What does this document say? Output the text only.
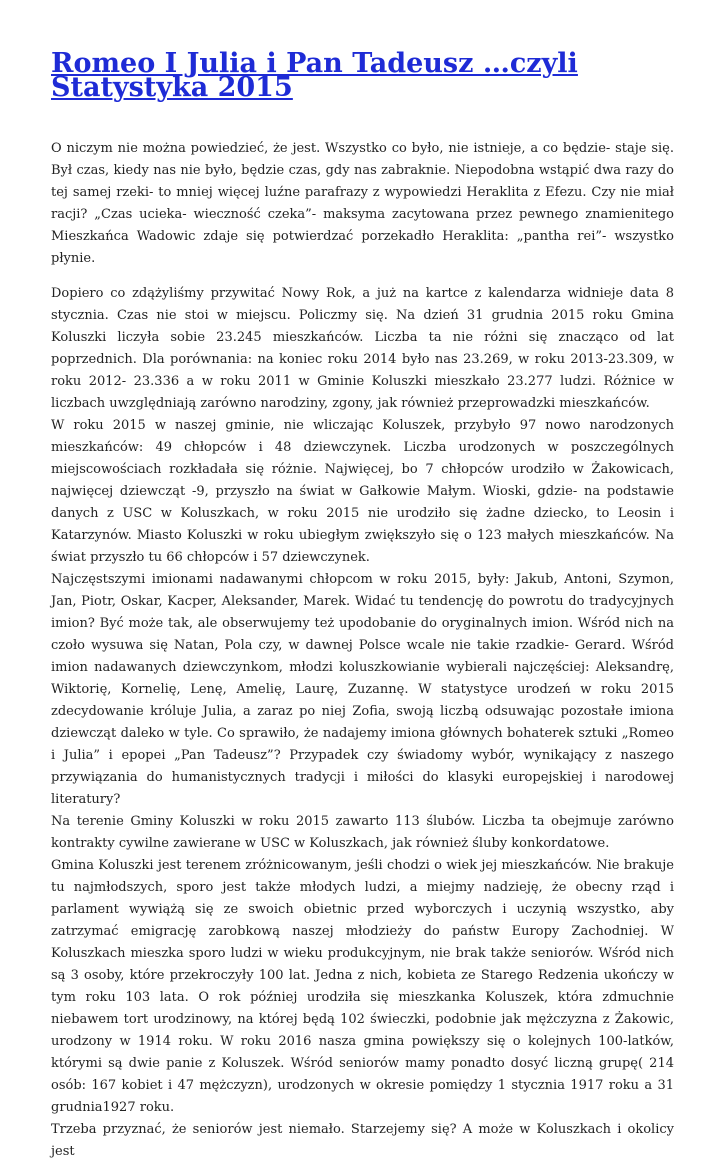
Romeo I Julia i Pan Tadeusz …czyli Statystyka 2015

O niczym nie można powiedzieć, że jest. Wszystko co było, nie istnieje, a co będzie- staje się. Był czas, kiedy nas nie było, będzie czas, gdy nas zabraknie. Niepodobna wstąpić dwa razy do tej samej rzeki- to mniej więcej luźne parafrazy z wypowiedzi Heraklita z Efezu. Czy nie miał racji? „Czas ucieka- wieczność czeka”- maksyma zacytowana przez pewnego znamienitego Mieszkańca Wadowic zdaje się potwierdzać porzekadło Heraklita: „pantha rei”- wszystko płynie.

Dopiero co zdążyliśmy przywitać Nowy Rok, a już na kartce z kalendarza widnieje data 8 stycznia. Czas nie stoi w miejscu. Policzmy się. Na dzień 31 grudnia 2015 roku Gmina Koluszki liczyła sobie 23.245 mieszkańców. Liczba ta nie różni się znacząco od lat poprzednich. Dla porównania: na koniec roku 2014 było nas 23.269, w roku 2013-23.309, w roku 2012- 23.336 a w roku 2011 w Gminie Koluszki mieszkało 23.277 ludzi. Różnice w liczbach uwzględniają zarówno narodziny, zgony, jak również przeprowadzki mieszkańców.

W roku 2015 w naszej gminie, nie wliczając Koluszek, przybyło 97 nowo narodzonych mieszkańców: 49 chłopców i 48 dziewczynek. Liczba urodzonych w poszczególnych miejscowościach rozkładała się różnie. Najwięcej, bo 7 chłopców urodziło w Żakowicach, najwięcej dziewcząt -9, przyszło na świat w Gałkowie Małym. Wioski, gdzie- na podstawie danych z USC w Koluszkach, w roku 2015 nie urodziło się żadne dziecko, to Leosin i Katarzynów. Miasto Koluszki w roku ubiegłym zwiększyło się o 123 małych mieszkańców. Na świat przyszło tu 66 chłopców i 57 dziewczynek.

Najczęstszymi imionami nadawanymi chłopcom w roku 2015, były: Jakub, Antoni, Szymon, Jan, Piotr, Oskar, Kacper, Aleksander, Marek. Widać tu tendencję do powrotu do tradycyjnych imion? Być może tak, ale obserwujemy też upodobanie do oryginalnych imion. Wśród nich na czoło wysuwa się Natan, Pola czy, w dawnej Polsce wcale nie takie rzadkie- Gerard. Wśród imion nadawanych dziewczynkom, młodzi koluszkowianie wybierali najczęściej: Aleksandrę, Wiktorię, Kornelię, Lenę, Amelię, Laurę, Zuzannę. W statystyce urodzeń w roku 2015 zdecydowanie króluje Julia, a zaraz po niej Zofia, swoją liczbą odsuwając pozostałe imiona dziewcząt daleko w tyle. Co sprawiło, że nadajemy imiona głównych bohaterek sztuki „Romeo i Julia” i epopei „Pan Tadeusz”? Przypadek czy świadomy wybór, wynikający z naszego przywiązania do humanistycznych tradycji i miłości do klasyki europejskiej i narodowej literatury?

Na terenie Gminy Koluszki w roku 2015 zawarto 113 ślubów. Liczba ta obejmuje zarówno kontrakty cywilne zawierane w USC w Koluszkach, jak również śluby konkordatowe.

Gmina Koluszki jest terenem zróżnicowanym, jeśli chodzi o wiek jej mieszkańców. Nie brakuje tu najmłodszych, sporo jest także młodych ludzi, a miejmy nadzieję, że obecny rząd i parlament wywiążą się ze swoich obietnic przed wyborczych i uczynią wszystko, aby zatrzymać emigrację zarobkową naszej młodzieży do państw Europy Zachodniej. W Koluszkach mieszka sporo ludzi w wieku produkcyjnym, nie brak także seniorów. Wśród nich są 3 osoby, które przekroczyły 100 lat. Jedna z nich, kobieta ze Starego Redzenia ukończy w tym roku 103 lata. O rok później urodziła się mieszkanka Koluszek, która zdmuchnie niebawem tort urodzinowy, na której będą 102 świeczki, podobnie jak mężczyzna z Żakowic, urodzony w 1914 roku. W roku 2016 nasza gmina powiększy się o kolejnych 100-latków, którymi są dwie panie z Koluszek. Wśród seniorów mamy ponadto dosyć liczną grupę( 214 osób: 167 kobiet i 47 mężczyzn), urodzonych w okresie pomiędzy 1 stycznia 1917 roku a 31 grudnia1927 roku.

Trzeba przyznać, że seniorów jest niemało. Starzejemy się? A może w Koluszkach i okolicy jest
